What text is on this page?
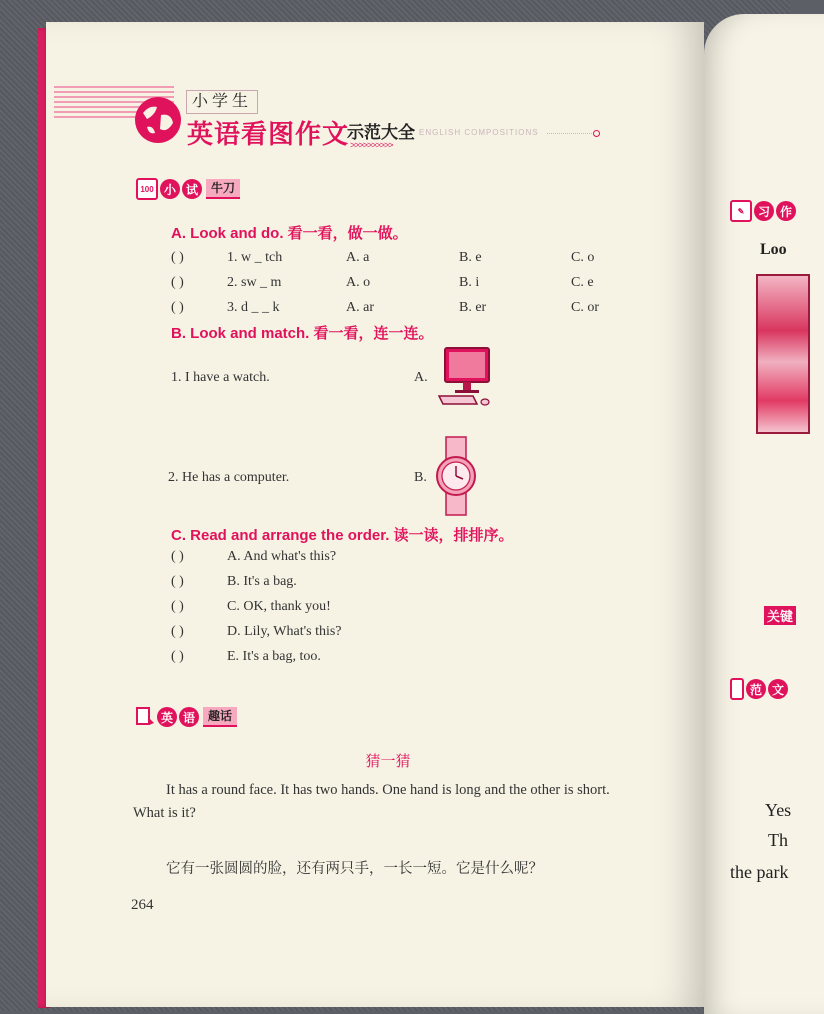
小学生
英语看图作文
示范大全
>>>>>>>>>>
ENGLISH COMPOSITIONS
100 小 试	牛刀
A. Look and do. 看一看，做一做。
( )	1. w _ tch	A. a	B. e	C. o
( )	2. sw _ m	A. o	B. i	C. e
( )	3. d _ _ k	A. ar	B. er	C. or
B. Look and match. 看一看，连一连。
1. I have a watch.	A.
2. He has a computer.	B.
C. Read and arrange the order. 读一读，排排序。
( )	A. And what's this?
( )	B. It's a bag.
( )	C. OK, thank you!
( )	D. Lily, What's this?
( )	E. It's a bag, too.
英 语	趣话
猜一猜
It has a round face. It has two hands. One hand is long and the other is short. What is it?
它有一张圆圆的脸，还有两只手，一长一短。它是什么呢？
264
✎	习 作
Loo
关键
范 文
Yes
Th
the park
